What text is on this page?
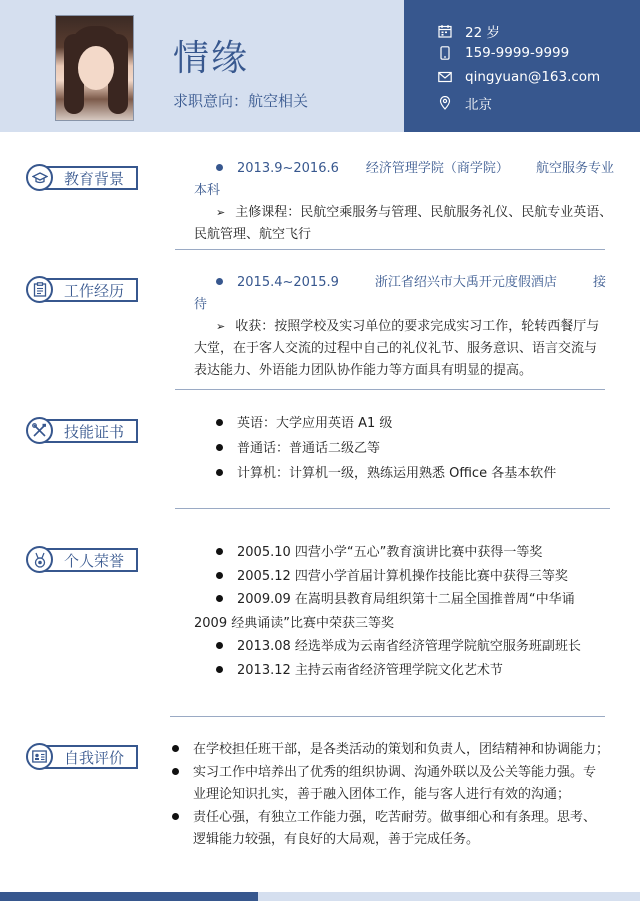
情缘
求职意向：航空相关
22 岁
159-9999-9999
qingyuan@163.com
北京
教育背景
2013.9~2016.6 经济管理学院（商学院） 航空服务专业
本科
➢ 主修课程：民航空乘服务与管理、民航服务礼仪、民航专业英语、
民航管理、航空飞行
工作经历	2015.4~2015.9	浙江省绍兴市大禹开元度假酒店	接
待
➢ 收获：按照学校及实习单位的要求完成实习工作，轮转西餐厅与
大堂，在于客人交流的过程中自己的礼仪礼节、服务意识、语言交流与
表达能力、外语能力团队协作能力等方面具有明显的提高。
技能证书	英语：大学应用英语 A1 级
普通话：普通话二级乙等
计算机：计算机一级，熟练运用熟悉 Office 各基本软件
个人荣誉	2005.10 四营小学“五心”教育演讲比赛中获得一等奖
2005.12 四营小学首届计算机操作技能比赛中获得三等奖
2009.09 在嵩明县教育局组织第十二届全国推普周“中华诵
2009 经典诵读”比赛中荣获三等奖
2013.08 经选举成为云南省经济管理学院航空服务班副班长
2013.12 主持云南省经济管理学院文化艺术节
自我评价	在学校担任班干部，是各类活动的策划和负责人，团结精神和协调能力；
实习工作中培养出了优秀的组织协调、沟通外联以及公关等能力强。专
业理论知识扎实，善于融入团体工作，能与客人进行有效的沟通；
责任心强，有独立工作能力强，吃苦耐劳。做事细心和有条理。思考、
逻辑能力较强，有良好的大局观，善于完成任务。
